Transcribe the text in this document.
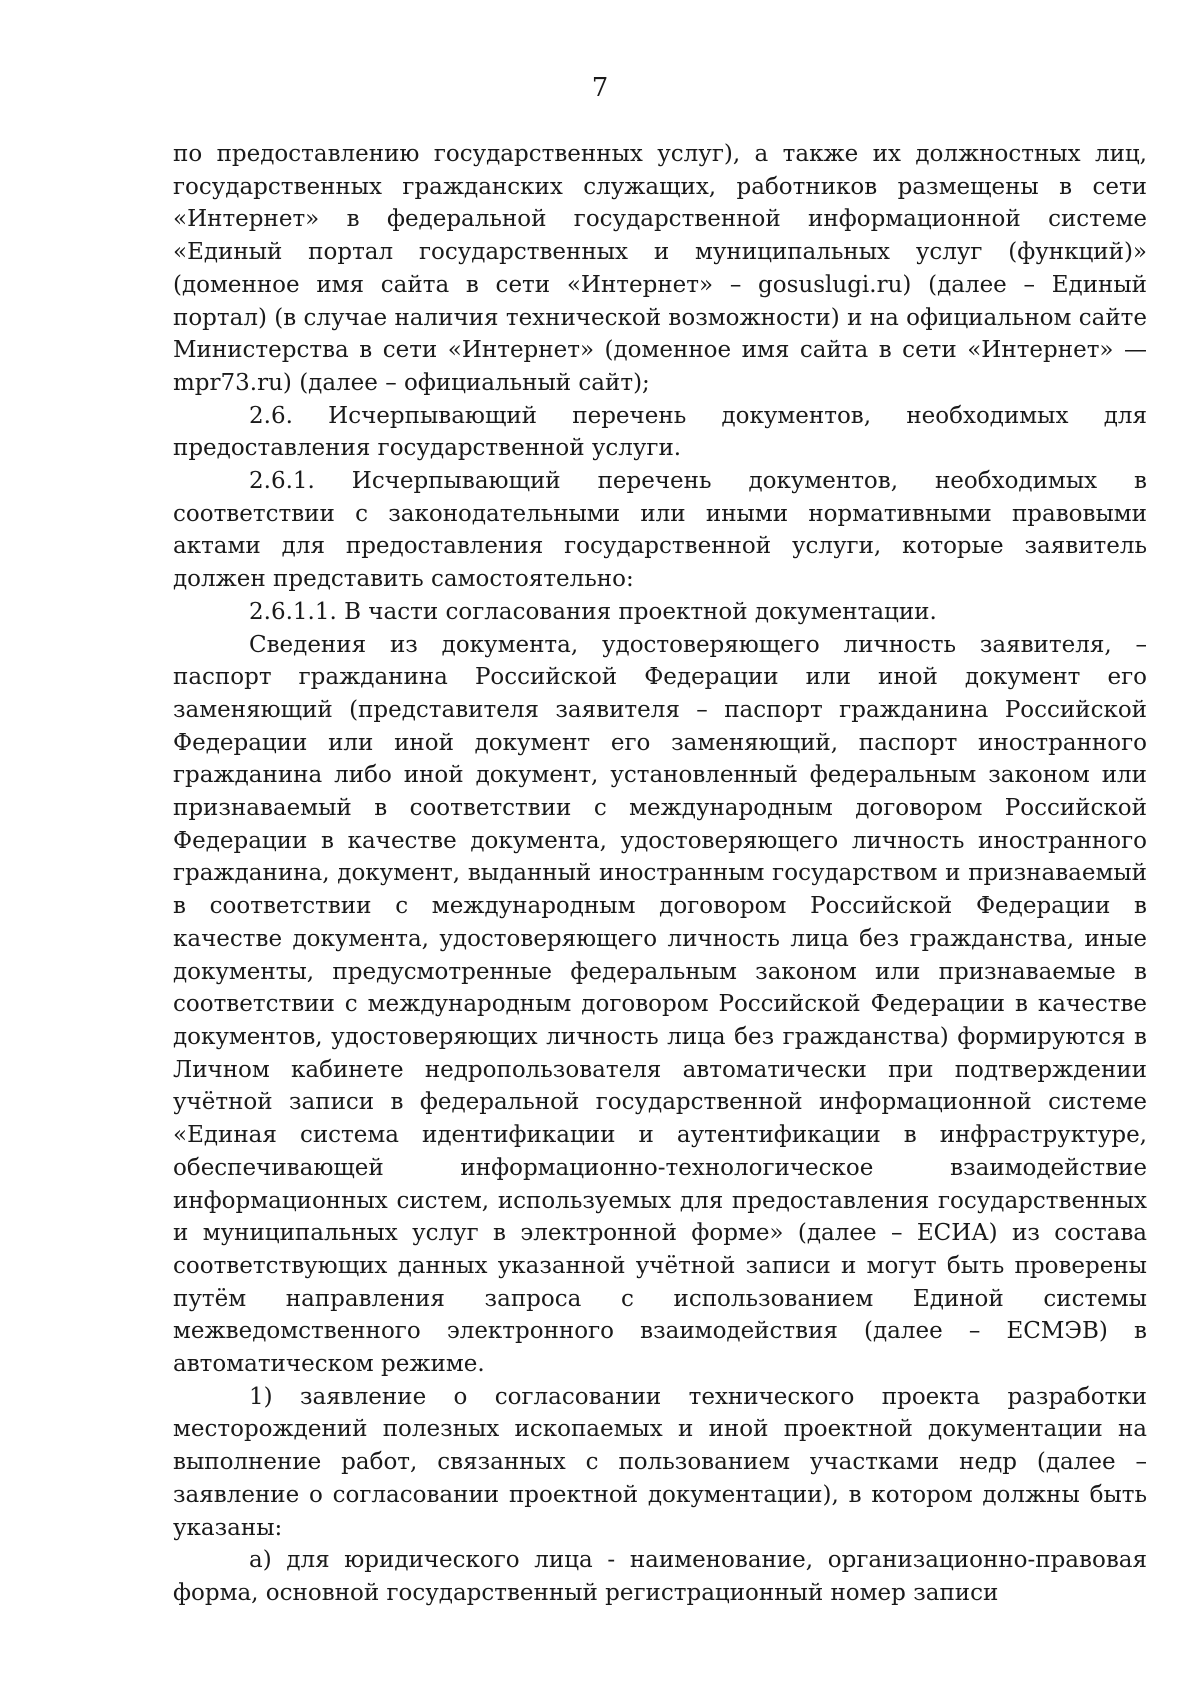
7

по предоставлению государственных услуг), а также их должностных лиц, государственных гражданских служащих, работников размещены в сети «Интернет» в федеральной государственной информационной системе «Единый портал государственных и муниципальных услуг (функций)» (доменное имя сайта в сети «Интернет» – gosuslugi.ru) (далее – Единый портал) (в случае наличия технической возможности) и на официальном сайте Министерства в сети «Интернет» (доменное имя сайта в сети «Интернет» — mpr73.ru) (далее – официальный сайт);

2.6. Исчерпывающий перечень документов, необходимых для предоставления государственной услуги.

2.6.1. Исчерпывающий перечень документов, необходимых в соответствии с законодательными или иными нормативными правовыми актами для предоставления государственной услуги, которые заявитель должен представить самостоятельно:

2.6.1.1. В части согласования проектной документации.

Сведения из документа, удостоверяющего личность заявителя, – паспорт гражданина Российской Федерации или иной документ его заменяющий (представителя заявителя – паспорт гражданина Российской Федерации или иной документ его заменяющий, паспорт иностранного гражданина либо иной документ, установленный федеральным законом или признаваемый в соответствии с международным договором Российской Федерации в качестве документа, удостоверяющего личность иностранного гражданина, документ, выданный иностранным государством и признаваемый в соответствии с международным договором Российской Федерации в качестве документа, удостоверяющего личность лица без гражданства, иные документы, предусмотренные федеральным законом или признаваемые в соответствии с международным договором Российской Федерации в качестве документов, удостоверяющих личность лица без гражданства) формируются в Личном кабинете недропользователя автоматически при подтверждении учётной записи в федеральной государственной информационной системе «Единая система идентификации и аутентификации в инфраструктуре, обеспечивающей информационно-технологическое взаимодействие информационных систем, используемых для предоставления государственных и муниципальных услуг в электронной форме» (далее – ЕСИА) из состава соответствующих данных указанной учётной записи и могут быть проверены путём направления запроса с использованием Единой системы межведомственного электронного взаимодействия (далее – ЕСМЭВ) в автоматическом режиме.

1) заявление о согласовании технического проекта разработки месторождений полезных ископаемых и иной проектной документации на выполнение работ, связанных с пользованием участками недр (далее – заявление о согласовании проектной документации), в котором должны быть указаны:

а) для юридического лица - наименование, организационно-правовая форма, основной государственный регистрационный номер записи
